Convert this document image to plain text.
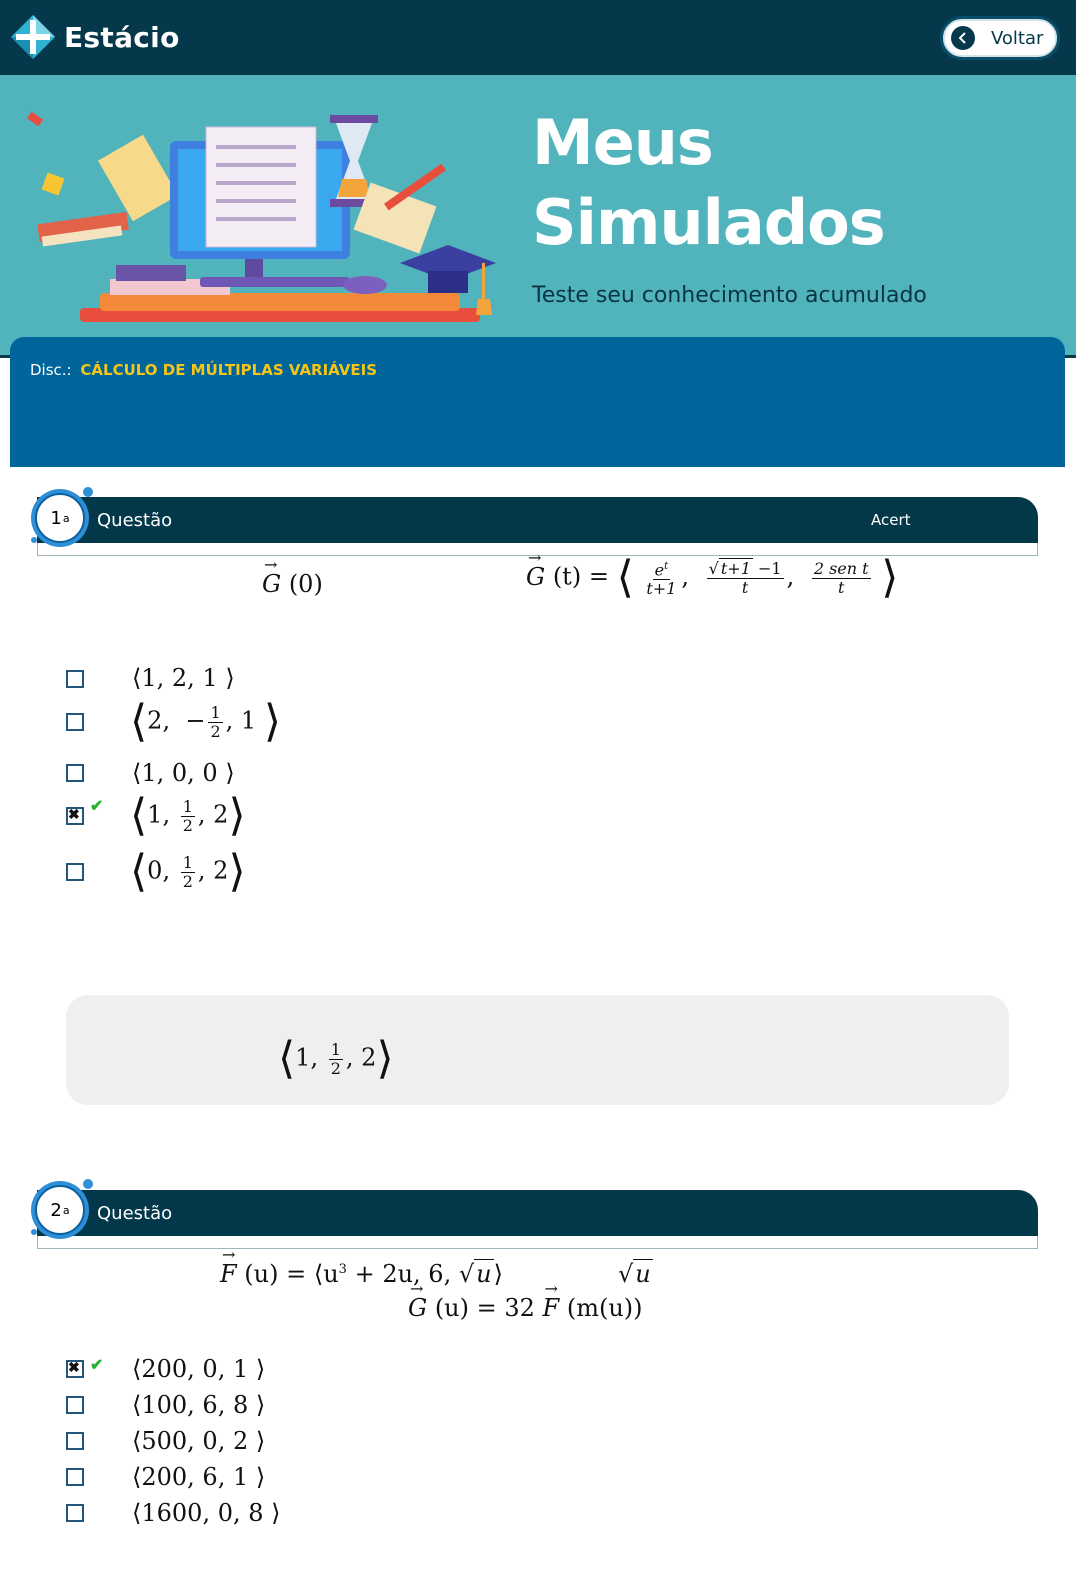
Estácio	Voltar
Meus
Simulados
Teste seu conhecimento acumulado
Disc.: CÁLCULO DE MÚLTIPLAS VARIÁVEIS
Questão	Acert
1 a
→ G (0)	→ G (t) = ⟨ $\frac{e^t}{t+1}$ , $\frac{√ t+1 -1}{t}$ , $\frac{\text{2 sen t}}{t}$ ⟩
⟨1, 2, 1 ⟩
⟨2, − $\frac{1}{2}$ , 1 ⟩
⟨1, 0, 0 ⟩
✖
✔ ⟨1, $\frac{1}{2}$ , 2⟩
⟨0, $\frac{1}{2}$ , 2⟩
⟨1, $\frac{1}{2}$ , 2⟩
Questão
2 a
→ F $(u) = ⟨u^3 + 2u$, 6, √u⟩	√u
→ G (u) = 32 → F (m(u))
✖
✔ ⟨200, 0, 1 ⟩
⟨100, 6, 8 ⟩
⟨500, 0, 2 ⟩
⟨200, 6, 1 ⟩
⟨1600, 0, 8 ⟩
